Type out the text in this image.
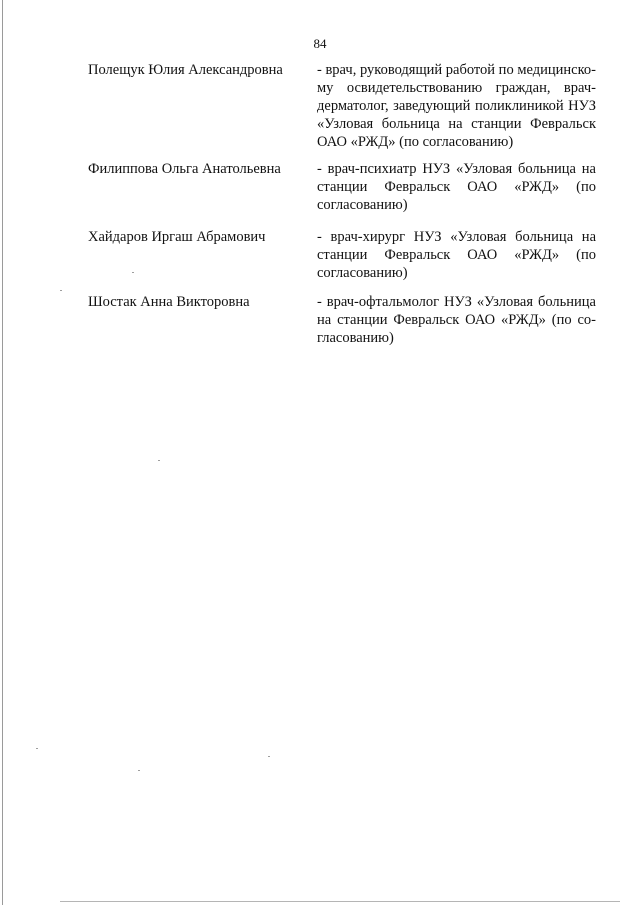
84
Полещук Юлия Александровна	- врач, руководящий работой по медицинскому освидетельствованию граждан, врач-дерматолог, заведующий поликлиникой НУЗ «Узловая больница на станции Февральск ОАО «РЖД» (по согласованию)
Филиппова Ольга Анатольевна	- врач-психиатр НУЗ «Узловая больница на станции Февральск ОАО «РЖД» (по согласованию)
Хайдаров Иргаш Абрамович	- врач-хирург НУЗ «Узловая больница на станции Февральск ОАО «РЖД» (по согласованию)
Шостак Анна Викторовна	- врач-офтальмолог НУЗ «Узловая больница на станции Февральск ОАО «РЖД» (по согласованию)
